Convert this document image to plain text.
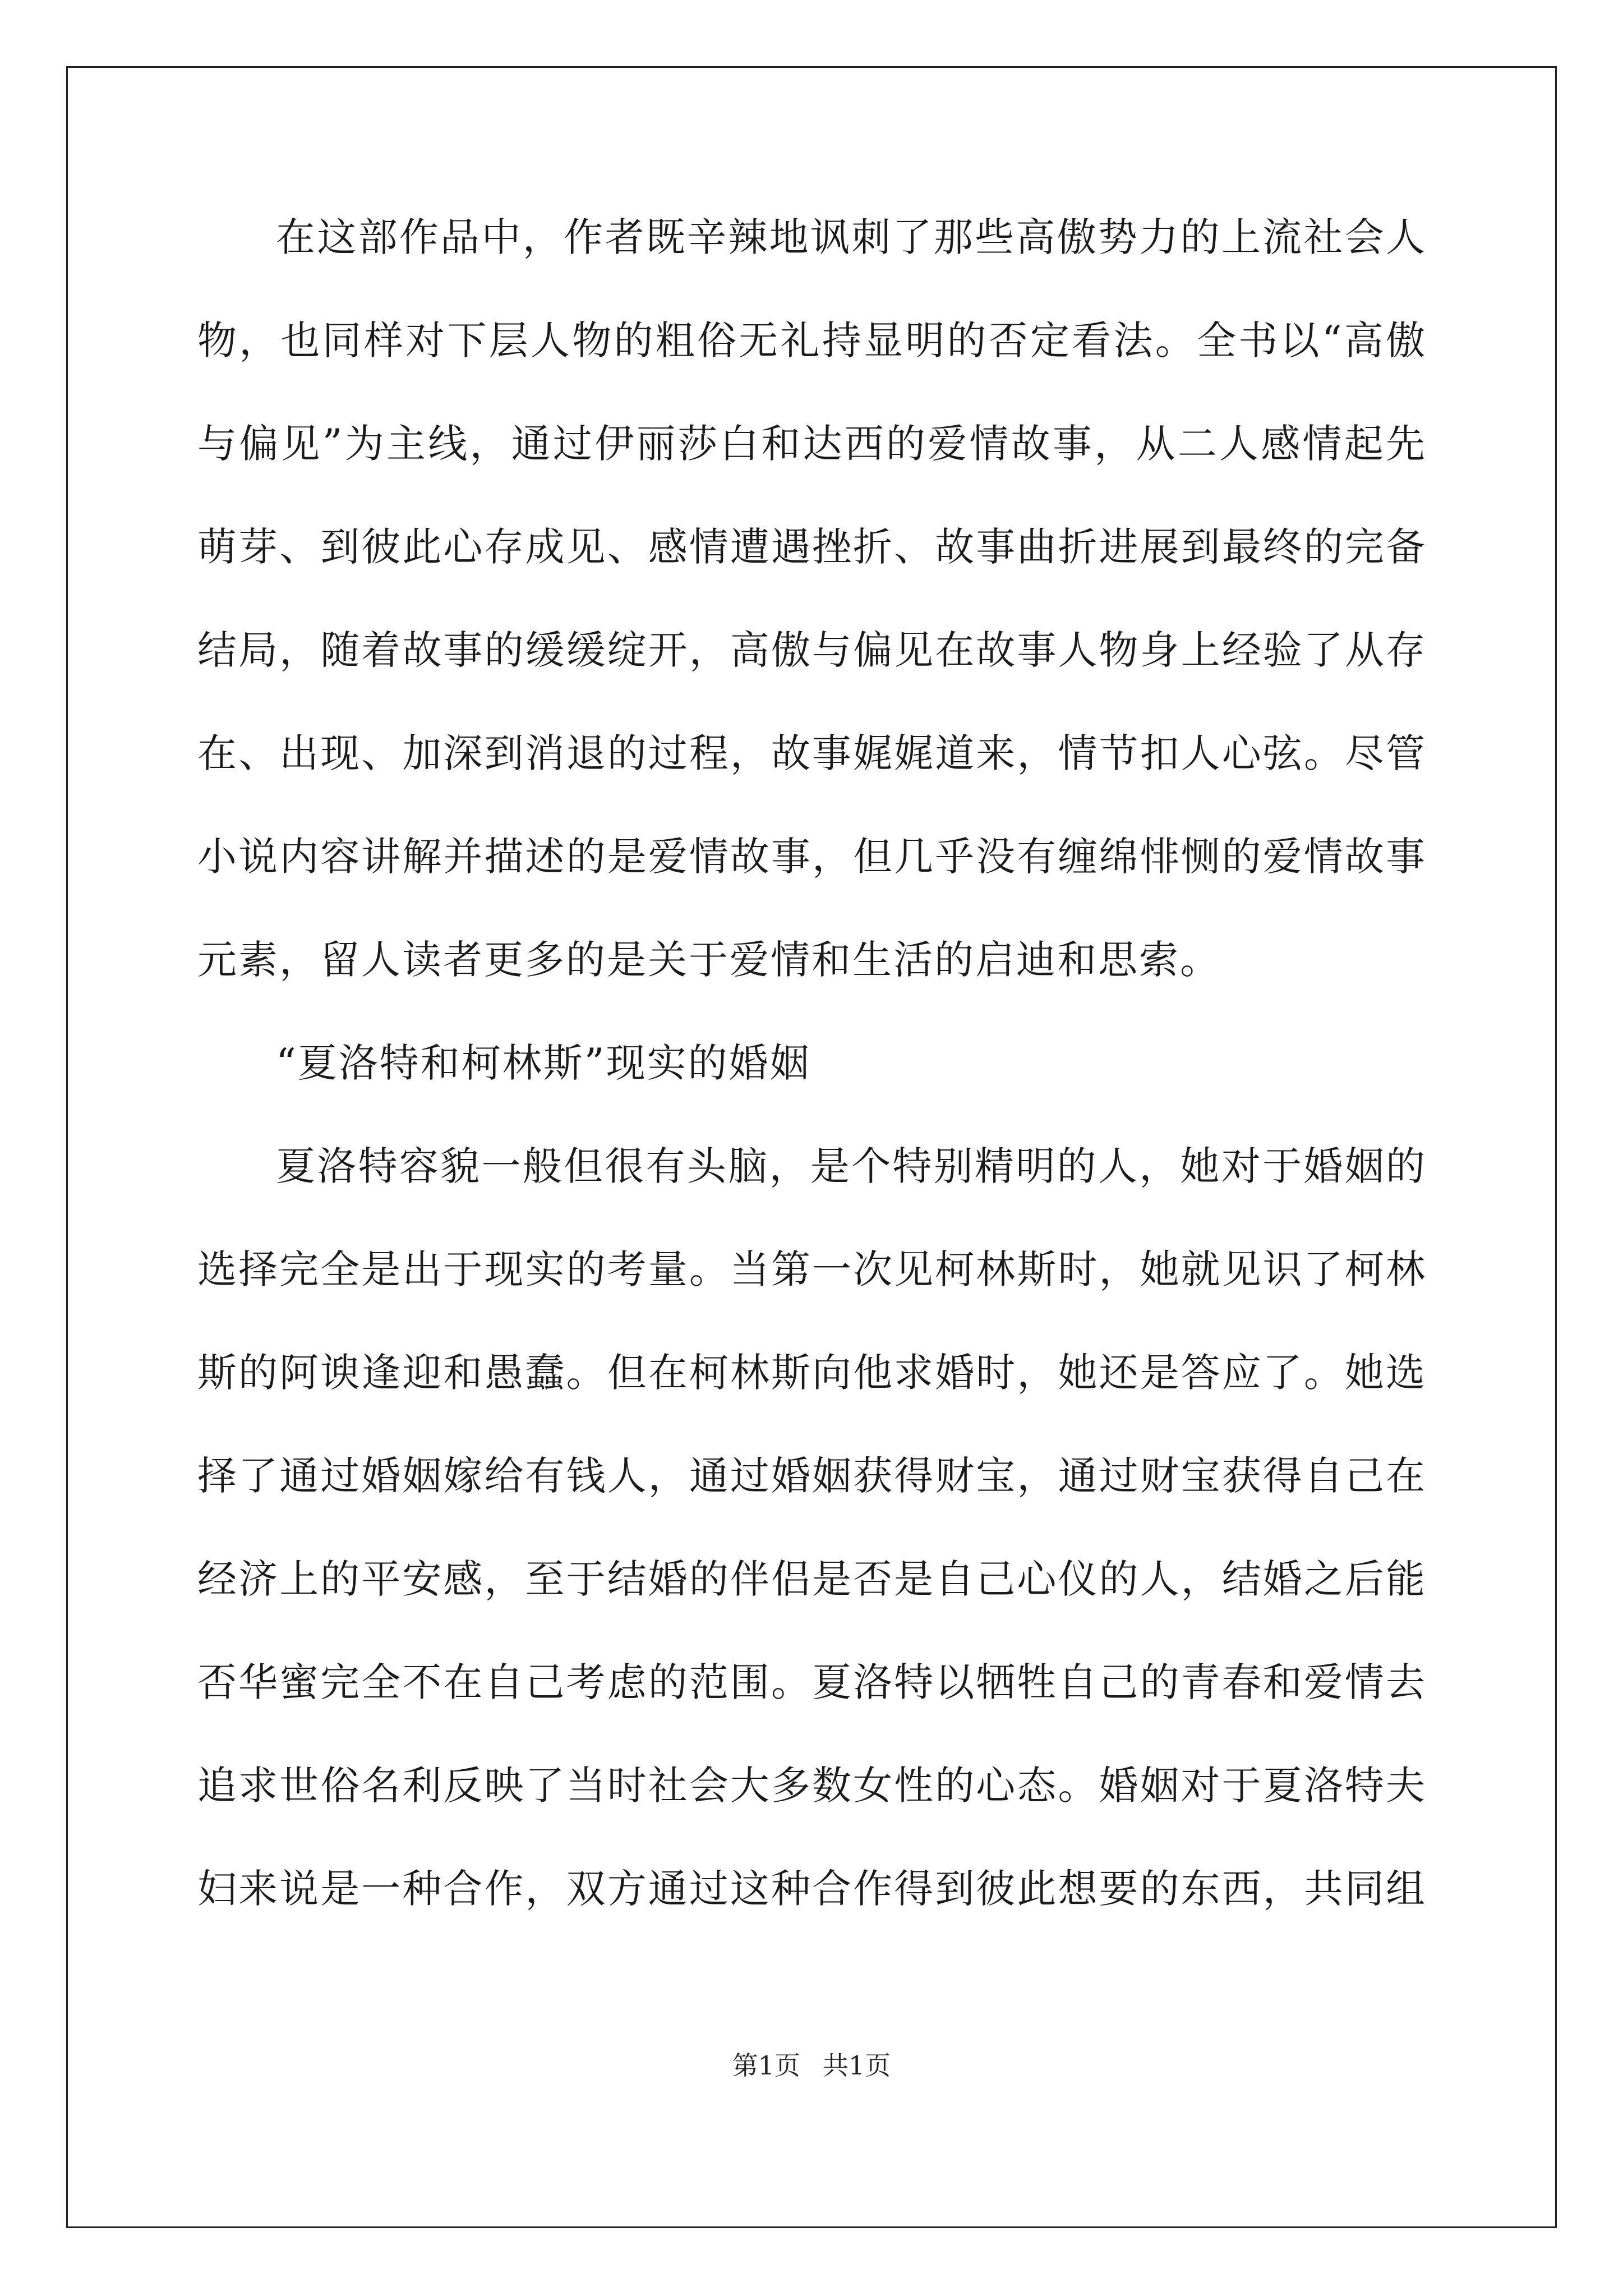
在这部作品中，作者既辛辣地讽刺了那些高傲势力的上流社会人
物，也同样对下层人物的粗俗无礼持显明的否定看法。全书以“高傲
与偏见”为主线，通过伊丽莎白和达西的爱情故事，从二人感情起先
萌芽、到彼此心存成见、感情遭遇挫折、故事曲折进展到最终的完备
结局，随着故事的缓缓绽开，高傲与偏见在故事人物身上经验了从存
在、出现、加深到消退的过程，故事娓娓道来，情节扣人心弦。尽管
小说内容讲解并描述的是爱情故事，但几乎没有缠绵悱恻的爱情故事
元素，留人读者更多的是关于爱情和生活的启迪和思索。
“夏洛特和柯林斯”现实的婚姻
夏洛特容貌一般但很有头脑，是个特别精明的人，她对于婚姻的
选择完全是出于现实的考量。当第一次见柯林斯时，她就见识了柯林
斯的阿谀逢迎和愚蠢。但在柯林斯向他求婚时，她还是答应了。她选
择了通过婚姻嫁给有钱人，通过婚姻获得财宝，通过财宝获得自己在
经济上的平安感，至于结婚的伴侣是否是自己心仪的人，结婚之后能
否华蜜完全不在自己考虑的范围。夏洛特以牺牲自己的青春和爱情去
追求世俗名利反映了当时社会大多数女性的心态。婚姻对于夏洛特夫
妇来说是一种合作，双方通过这种合作得到彼此想要的东西，共同组
第1页 共1页
